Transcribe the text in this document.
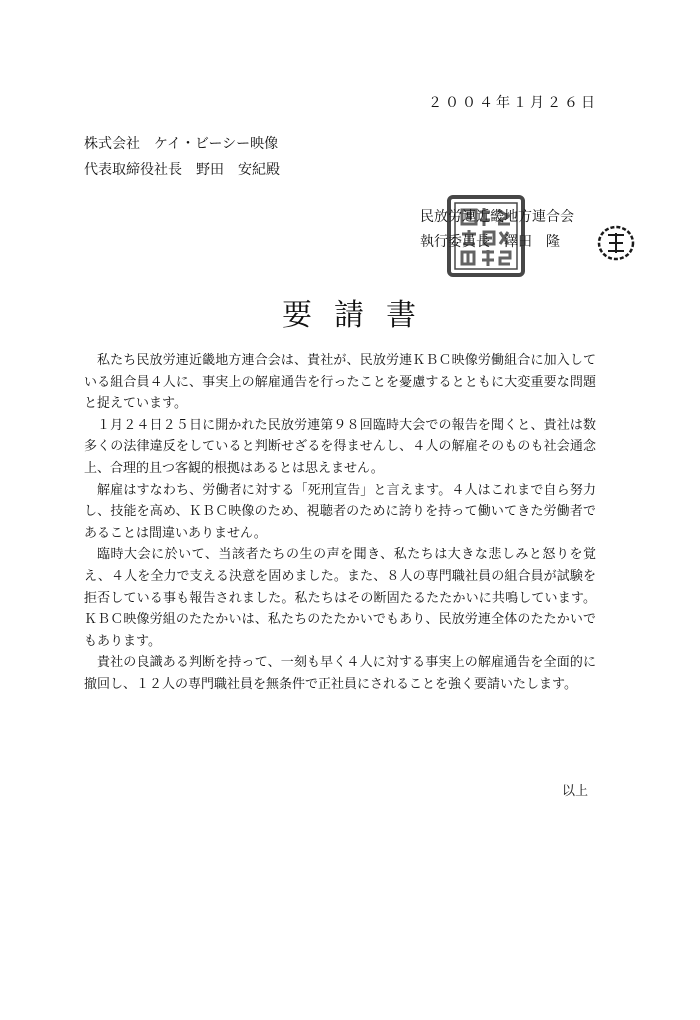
２００４年１月２６日
株式会社　ケイ・ビーシー映像
代表取締役社長　野田　安紀殿
民放労連近畿地方連合会
執行委員長　澤田　隆
要請書

私たち民放労連近畿地方連合会は、貴社が、民放労連ＫＢＣ映像労働組合に加入している組合員４人に、事実上の解雇通告を行ったことを憂慮するとともに大変重要な問題と捉えています。

１月２４日２５日に開かれた民放労連第９８回臨時大会での報告を聞くと、貴社は数多くの法律違反をしていると判断せざるを得ませんし、４人の解雇そのものも社会通念上、合理的且つ客観的根拠はあるとは思えません。

解雇はすなわち、労働者に対する「死刑宣告」と言えます。４人はこれまで自ら努力し、技能を高め、ＫＢＣ映像のため、視聴者のために誇りを持って働いてきた労働者であることは間違いありません。

臨時大会に於いて、当該者たちの生の声を聞き、私たちは大きな悲しみと怒りを覚え、４人を全力で支える決意を固めました。また、８人の専門職社員の組合員が試験を拒否している事も報告されました。私たちはその断固たるたたかいに共鳴しています。ＫＢＣ映像労組のたたかいは、私たちのたたかいでもあり、民放労連全体のたたかいでもあります。

貴社の良識ある判断を持って、一刻も早く４人に対する事実上の解雇通告を全面的に撤回し、１２人の専門職社員を無条件で正社員にされることを強く要請いたします。

以上
